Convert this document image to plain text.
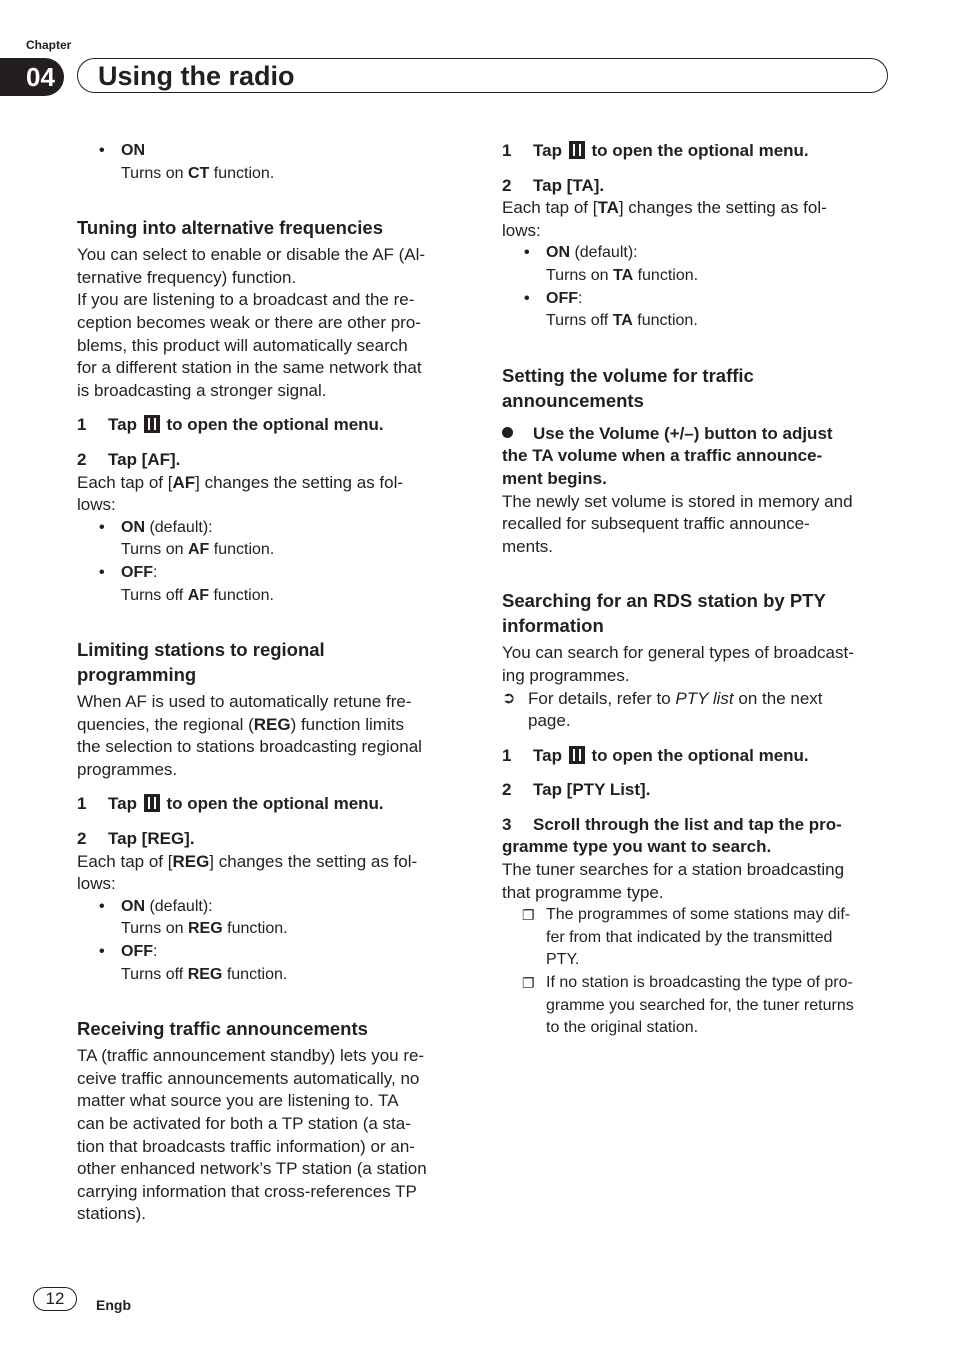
Chapter
04	Using the radio
•	ON
Turns on CT function.
Tuning into alternative frequencies

You can select to enable or disable the AF (Al-

ternative frequency) function.

If you are listening to a broadcast and the re-

ception becomes weak or there are other pro-

blems, this product will automatically search

for a different station in the same network that

is broadcasting a stronger signal.

1	Tap to open the optional menu.
2	Tap [AF].
Each tap of [AF] changes the setting as fol-
lows:
•	ON (default):
Turns on AF function.
•	OFF:
Turns off AF function.
Limiting stations to regional
programming

When AF is used to automatically retune fre-

quencies, the regional (REG) function limits

the selection to stations broadcasting regional

programmes.

1	Tap to open the optional menu.
2	Tap [REG].
Each tap of [REG] changes the setting as fol-
lows:
•	ON (default):
Turns on REG function.
•	OFF:
Turns off REG function.
Receiving traffic announcements

TA (traffic announcement standby) lets you re-

ceive traffic announcements automatically, no

matter what source you are listening to. TA

can be activated for both a TP station (a sta-

tion that broadcasts traffic information) or an-

other enhanced network’s TP station (a station

carrying information that cross-references TP

stations).

1	Tap to open the optional menu.
2	Tap [TA].
Each tap of [TA] changes the setting as fol-
lows:
•	ON (default):
Turns on TA function.
•	OFF:
Turns off TA function.
Setting the volume for traffic
announcements
Use the Volume (+/–) button to adjust
the TA volume when a traffic announce-
ment begins.

The newly set volume is stored in memory and

recalled for subsequent traffic announce-

ments.

Searching for an RDS station by PTY
information

You can search for general types of broadcast-

ing programmes.

➲ For details, refer to PTY list on the next
page.
1	Tap to open the optional menu.
2	Tap [PTY List].
3 Scroll through the list and tap the pro-
gramme type you want to search.

The tuner searches for a station broadcasting

that programme type.

❐ The programmes of some stations may dif-
fer from that indicated by the transmitted
PTY.
❐ If no station is broadcasting the type of pro-
gramme you searched for, the tuner returns
to the original station.
12	Engb
